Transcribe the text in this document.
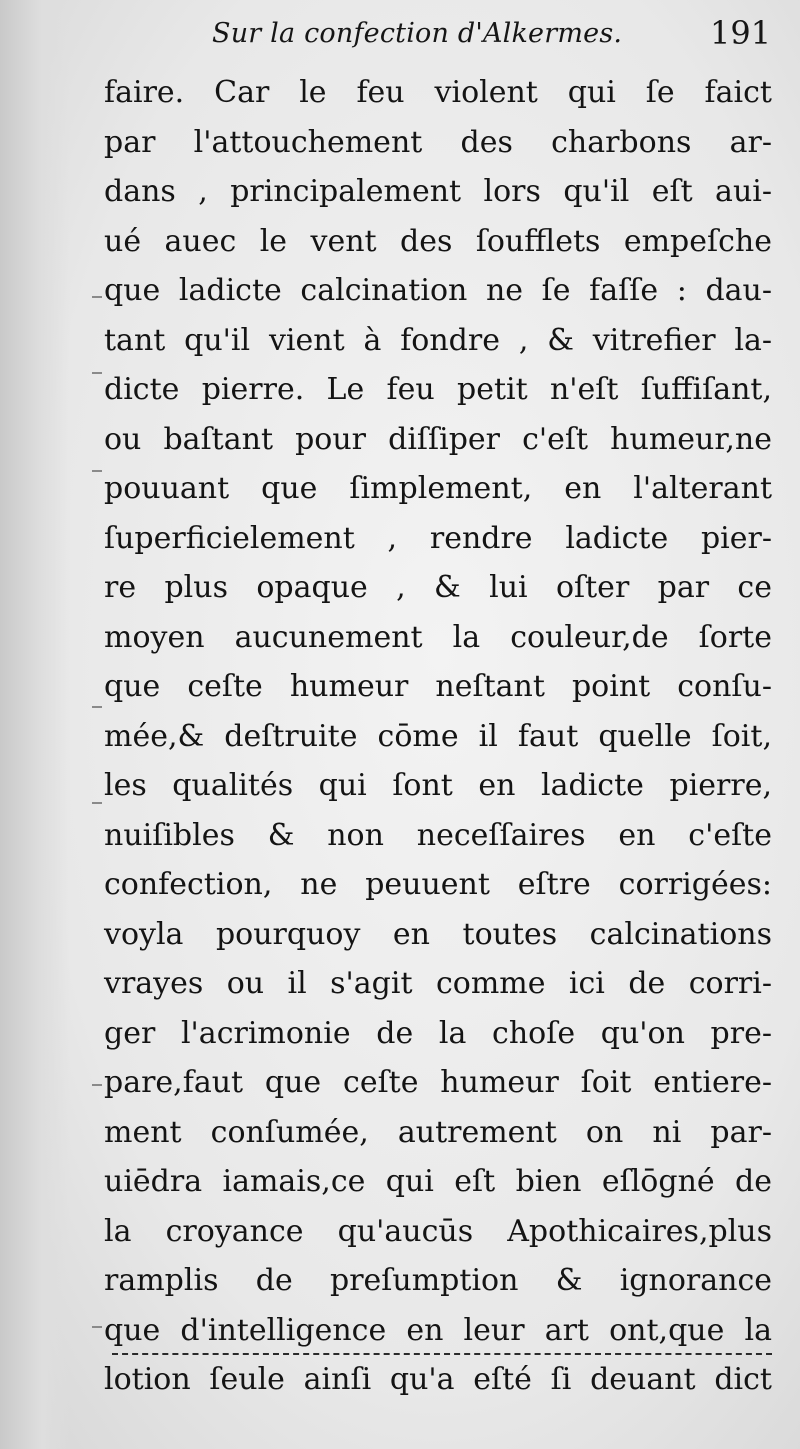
Sur la confection d'Alkermes.	191
faire. Car le feu violent qui ſe faict
par l'attouchement des charbons ar-
dans , principalement lors qu'il eſt aui-
ué auec le vent des ſoufflets empeſche
que ladicte calcination ne ſe faſſe : dau-
tant qu'il vient à fondre , & vitrefier la-
dicte pierre. Le feu petit n'eſt ſuffiſant,
ou baſtant pour diſſiper c'eſt humeur,ne
pouuant que ſimplement, en l'alterant
ſuperficielement , rendre ladicte pier-
re plus opaque , & lui oſter par ce
moyen aucunement la couleur,de ſorte
que ceſte humeur neſtant point conſu-
mée,& deſtruite cōme il faut quelle ſoit,
les qualités qui ſont en ladicte pierre,
nuiſibles & non neceſſaires en c'eſte
confection, ne peuuent eſtre corrigées:
voyla pourquoy en toutes calcinations
vrayes ou il s'agit comme ici de corri-
ger l'acrimonie de la choſe qu'on pre-
pare,faut que ceſte humeur ſoit entiere-
ment conſumée, autrement on ni par-
uiēdra iamais,ce qui eſt bien eſlōgné de
la croyance qu'aucūs Apothicaires,plus
ramplis de preſumption & ignorance
que d'intelligence en leur art ont,que la
lotion ſeule ainſi qu'a eſté ſi deuant dict
